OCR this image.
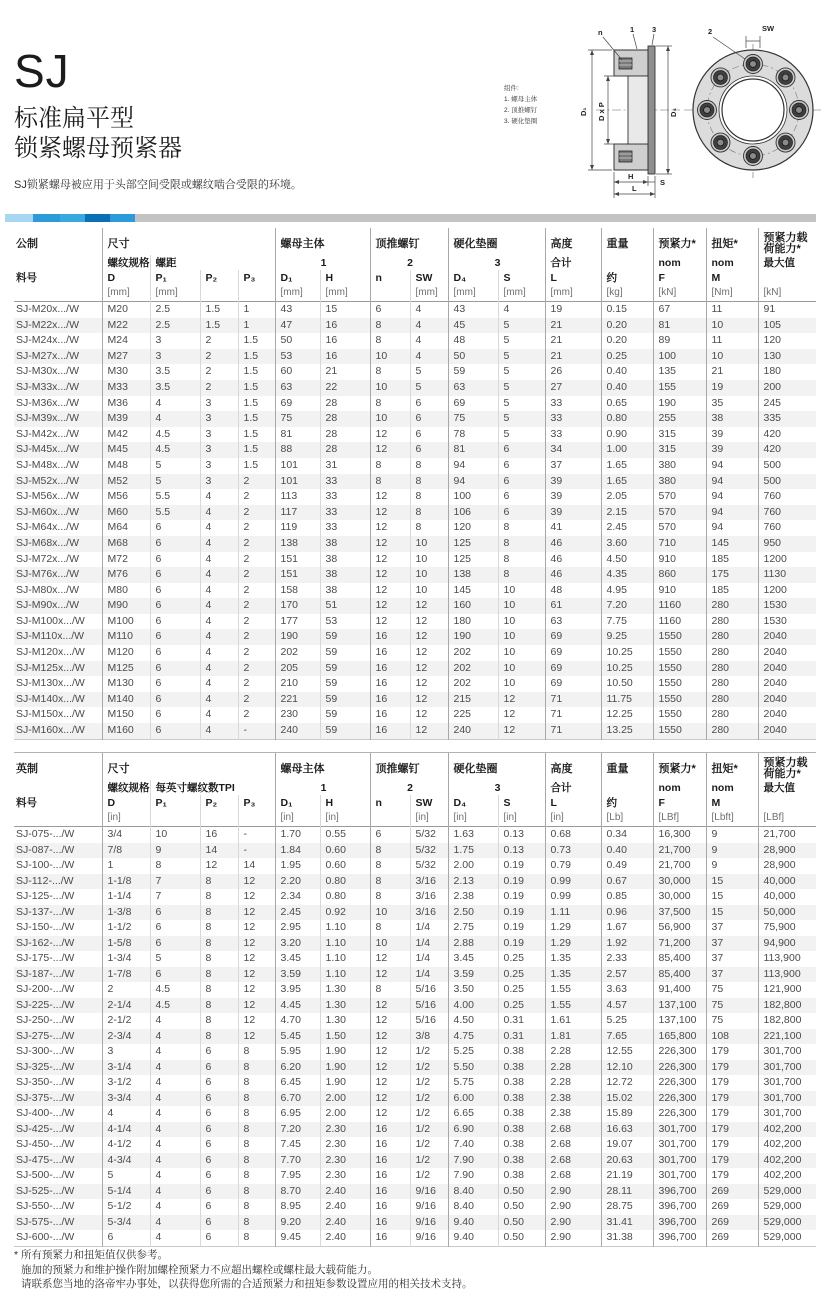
SJ
标准扁平型
锁紧螺母预紧器
SJ锁紧螺母被应用于头部空间受限或螺纹啮合受限的环境。
组件:
1. 螺母主体
2. 顶推螺钉
3. 硬化垫圈
D₁ D x P	D₄
n	1 3
H
S
L
2	SW
公制	尺寸				螺母主体		顶推螺钉		硬化垫圈		高度	重量	预紧力*	扭矩*	预紧力载荷能力*
	螺纹规格	螺距			1		2		3		合计		nom	nom	最大值
料号	D	P₁	P₂	P₃	D₁	H	n	SW	D₄	S	L	约	F	M	
	[mm]	[mm]			[mm]	[mm]		[mm]	[mm]	[mm]	[mm]	[kg]	[kN]	[Nm]	[kN]
SJ-M20x.../W	M20	2.5	1.5	1	43	15	6	4	43	4	19	0.15	67	11	91
SJ-M22x.../W	M22	2.5	1.5	1	47	16	8	4	45	5	21	0.20	81	10	105
SJ-M24x.../W	M24	3	2	1.5	50	16	8	4	48	5	21	0.20	89	11	120
SJ-M27x.../W	M27	3	2	1.5	53	16	10	4	50	5	21	0.25	100	10	130
SJ-M30x.../W	M30	3.5	2	1.5	60	21	8	5	59	5	26	0.40	135	21	180
SJ-M33x.../W	M33	3.5	2	1.5	63	22	10	5	63	5	27	0.40	155	19	200
SJ-M36x.../W	M36	4	3	1.5	69	28	8	6	69	5	33	0.65	190	35	245
SJ-M39x.../W	M39	4	3	1.5	75	28	10	6	75	5	33	0.80	255	38	335
SJ-M42x.../W	M42	4.5	3	1.5	81	28	12	6	78	5	33	0.90	315	39	420
SJ-M45x.../W	M45	4.5	3	1.5	88	28	12	6	81	6	34	1.00	315	39	420
SJ-M48x.../W	M48	5	3	1.5	101	31	8	8	94	6	37	1.65	380	94	500
SJ-M52x.../W	M52	5	3	2	101	33	8	8	94	6	39	1.65	380	94	500
SJ-M56x.../W	M56	5.5	4	2	113	33	12	8	100	6	39	2.05	570	94	760
SJ-M60x.../W	M60	5.5	4	2	117	33	12	8	106	6	39	2.15	570	94	760
SJ-M64x.../W	M64	6	4	2	119	33	12	8	120	8	41	2.45	570	94	760
SJ-M68x.../W	M68	6	4	2	138	38	12	10	125	8	46	3.60	710	145	950
SJ-M72x.../W	M72	6	4	2	151	38	12	10	125	8	46	4.50	910	185	1200
SJ-M76x.../W	M76	6	4	2	151	38	12	10	138	8	46	4.35	860	175	1130
SJ-M80x.../W	M80	6	4	2	158	38	12	10	145	10	48	4.95	910	185	1200
SJ-M90x.../W	M90	6	4	2	170	51	12	12	160	10	61	7.20	1160	280	1530
SJ-M100x.../W	M100	6	4	2	177	53	12	12	180	10	63	7.75	1160	280	1530
SJ-M110x.../W	M110	6	4	2	190	59	16	12	190	10	69	9.25	1550	280	2040
SJ-M120x.../W	M120	6	4	2	202	59	16	12	202	10	69	10.25	1550	280	2040
SJ-M125x.../W	M125	6	4	2	205	59	16	12	202	10	69	10.25	1550	280	2040
SJ-M130x.../W	M130	6	4	2	210	59	16	12	202	10	69	10.50	1550	280	2040
SJ-M140x.../W	M140	6	4	2	221	59	16	12	215	12	71	11.75	1550	280	2040
SJ-M150x.../W	M150	6	4	2	230	59	16	12	225	12	71	12.25	1550	280	2040
SJ-M160x.../W	M160	6	4	-	240	59	16	12	240	12	71	13.25	1550	280	2040
英制	尺寸				螺母主体		顶推螺钉		硬化垫圈		高度	重量	预紧力*	扭矩*	预紧力载荷能力*
	螺纹规格	每英寸螺纹数TPI			1		2		3		合计		nom	nom	最大值
料号	D	P₁	P₂	P₃	D₁	H	n	SW	D₄	S	L	约	F	M	
	[in]				[in]	[in]		[in]	[in]	[in]	[in]	[Lb]	[LBf]	[Lbft]	[LBf]
SJ-075-.../W	3/4	10	16	-	1.70	0.55	6	5/32	1.63	0.13	0.68	0.34	16,300	9	21,700
SJ-087-.../W	7/8	9	14	-	1.84	0.60	8	5/32	1.75	0.13	0.73	0.40	21,700	9	28,900
SJ-100-.../W	1	8	12	14	1.95	0.60	8	5/32	2.00	0.19	0.79	0.49	21,700	9	28,900
SJ-112-.../W	1-1/8	7	8	12	2.20	0.80	8	3/16	2.13	0.19	0.99	0.67	30,000	15	40,000
SJ-125-.../W	1-1/4	7	8	12	2.34	0.80	8	3/16	2.38	0.19	0.99	0.85	30,000	15	40,000
SJ-137-.../W	1-3/8	6	8	12	2.45	0.92	10	3/16	2.50	0.19	1.11	0.96	37,500	15	50,000
SJ-150-.../W	1-1/2	6	8	12	2.95	1.10	8	1/4	2.75	0.19	1.29	1.67	56,900	37	75,900
SJ-162-.../W	1-5/8	6	8	12	3.20	1.10	10	1/4	2.88	0.19	1.29	1.92	71,200	37	94,900
SJ-175-.../W	1-3/4	5	8	12	3.45	1.10	12	1/4	3.45	0.25	1.35	2.33	85,400	37	113,900
SJ-187-.../W	1-7/8	6	8	12	3.59	1.10	12	1/4	3.59	0.25	1.35	2.57	85,400	37	113,900
SJ-200-.../W	2	4.5	8	12	3.95	1.30	8	5/16	3.50	0.25	1.55	3.63	91,400	75	121,900
SJ-225-.../W	2-1/4	4.5	8	12	4.45	1.30	12	5/16	4.00	0.25	1.55	4.57	137,100	75	182,800
SJ-250-.../W	2-1/2	4	8	12	4.70	1.30	12	5/16	4.50	0.31	1.61	5.25	137,100	75	182,800
SJ-275-.../W	2-3/4	4	8	12	5.45	1.50	12	3/8	4.75	0.31	1.81	7.65	165,800	108	221,100
SJ-300-.../W	3	4	6	8	5.95	1.90	12	1/2	5.25	0.38	2.28	12.55	226,300	179	301,700
SJ-325-.../W	3-1/4	4	6	8	6.20	1.90	12	1/2	5.50	0.38	2.28	12.10	226,300	179	301,700
SJ-350-.../W	3-1/2	4	6	8	6.45	1.90	12	1/2	5.75	0.38	2.28	12.72	226,300	179	301,700
SJ-375-.../W	3-3/4	4	6	8	6.70	2.00	12	1/2	6.00	0.38	2.38	15.02	226,300	179	301,700
SJ-400-.../W	4	4	6	8	6.95	2.00	12	1/2	6.65	0.38	2.38	15.89	226,300	179	301,700
SJ-425-.../W	4-1/4	4	6	8	7.20	2.30	16	1/2	6.90	0.38	2.68	16.63	301,700	179	402,200
SJ-450-.../W	4-1/2	4	6	8	7.45	2.30	16	1/2	7.40	0.38	2.68	19.07	301,700	179	402,200
SJ-475-.../W	4-3/4	4	6	8	7.70	2.30	16	1/2	7.90	0.38	2.68	20.63	301,700	179	402,200
SJ-500-.../W	5	4	6	8	7.95	2.30	16	1/2	7.90	0.38	2.68	21.19	301,700	179	402,200
SJ-525-.../W	5-1/4	4	6	8	8.70	2.40	16	9/16	8.40	0.50	2.90	28.11	396,700	269	529,000
SJ-550-.../W	5-1/2	4	6	8	8.95	2.40	16	9/16	8.40	0.50	2.90	28.75	396,700	269	529,000
SJ-575-.../W	5-3/4	4	6	8	9.20	2.40	16	9/16	9.40	0.50	2.90	31.41	396,700	269	529,000
SJ-600-.../W	6	4	6	8	9.45	2.40	16	9/16	9.40	0.50	2.90	31.38	396,700	269	529,000
* 所有预紧力和扭矩值仅供参考。
施加的预紧力和维护操作附加螺栓预紧力不应超出螺栓或螺柱最大载荷能力。
请联系您当地的洛帝牢办事处，以获得您所需的合适预紧力和扭矩参数设置应用的相关技术支持。
